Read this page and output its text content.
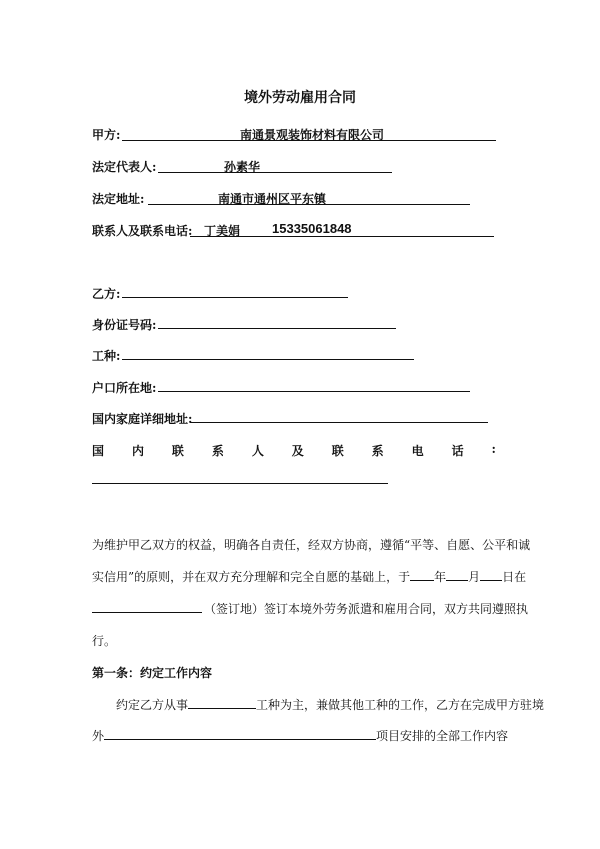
境外劳动雇用合同
甲方:	南通景观装饰材料有限公司
法定代表人:	孙素华
法定地址:	南通市通州区平东镇
联系人及联系电话: 丁美娟 15335061848
乙方:
身份证号码:
工种:
户口所在地:
国内家庭详细地址:
国 内 联 系 人 及 联 系 电 话 :
为维护甲乙双方的权益，明确各自责任，经双方协商，遵循“平等、自愿、公平和诚
实信用”的原则，并在双方充分理解和完全自愿的基础上，于 年 月 日在
（签订地）签订本境外劳务派遣和雇用合同，双方共同遵照执
行。
第一条：约定工作内容
约定乙方从事	工种为主，兼做其他工种的工作，乙方在完成甲方驻境
外	项目安排的全部工作内容
